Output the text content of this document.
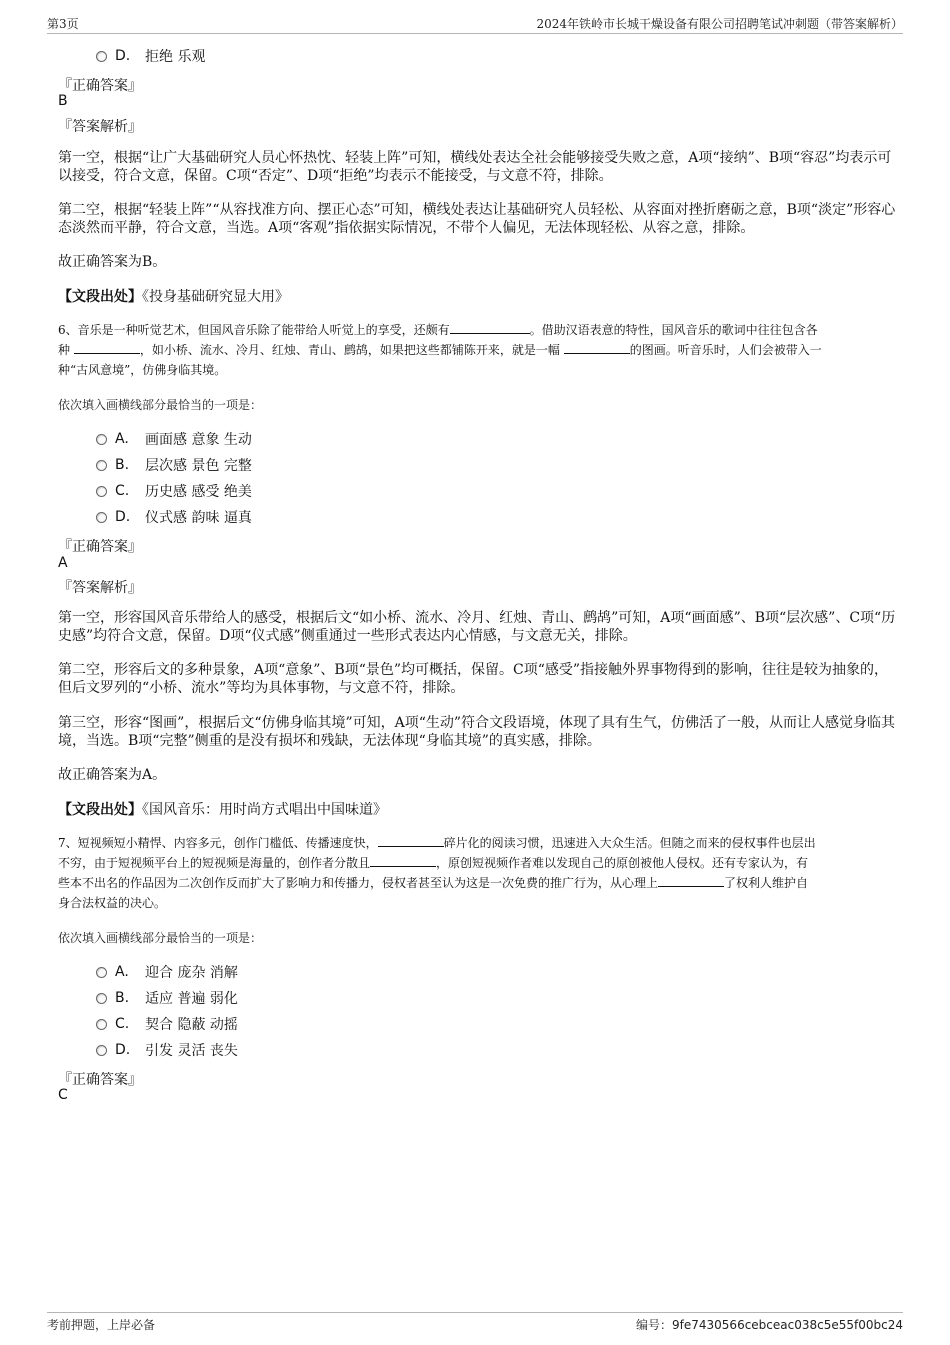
第3页	2024年铁岭市长城干燥设备有限公司招聘笔试冲刺题（带答案解析）
D.	拒绝 乐观
『正确答案』
B
『答案解析』
第一空，根据“让广大基础研究人员心怀热忱、轻装上阵”可知，横线处表达全社会能够接受失败之意，A项“接纳”、B项“容忍”均表示可以接受，符合文意，保留。C项“否定”、D项“拒绝”均表示不能接受，与文意不符，排除。
第二空，根据“轻装上阵”“从容找准方向、摆正心态”可知，横线处表达让基础研究人员轻松、从容面对挫折磨砺之意，B项“淡定”形容心态淡然而平静，符合文意，当选。A项“客观”指依据实际情况，不带个人偏见，无法体现轻松、从容之意，排除。
故正确答案为B。
【文段出处】《投身基础研究显大用》
6、音乐是一种听觉艺术，但国风音乐除了能带给人听觉上的享受，还颇有	。借助汉语表意的特性，国风音乐的歌词中往往包含各
种	，如小桥、流水、冷月、红烛、青山、鹧鸪，如果把这些都铺陈开来，就是一幅	的图画。听音乐时，人们会被带入一
种“古风意境”，仿佛身临其境。
依次填入画横线部分最恰当的一项是：
A.	画面感 意象 生动
B.	层次感 景色 完整
C.	历史感 感受 绝美
D.	仪式感 韵味 逼真
『正确答案』
A
『答案解析』
第一空，形容国风音乐带给人的感受，根据后文“如小桥、流水、冷月、红烛、青山、鹧鸪”可知，A项“画面感”、B项“层次感”、C项“历史感”均符合文意，保留。D项“仪式感”侧重通过一些形式表达内心情感，与文意无关，排除。
第二空，形容后文的多种景象，A项“意象”、B项“景色”均可概括，保留。C项“感受”指接触外界事物得到的影响，往往是较为抽象的，但后文罗列的“小桥、流水”等均为具体事物，与文意不符，排除。
第三空，形容“图画”，根据后文“仿佛身临其境”可知，A项“生动”符合文段语境，体现了具有生气，仿佛活了一般，从而让人感觉身临其境，当选。B项“完整”侧重的是没有损坏和残缺，无法体现“身临其境”的真实感，排除。
故正确答案为A。
【文段出处】《国风音乐：用时尚方式唱出中国味道》
7、短视频短小精悍、内容多元，创作门槛低、传播速度快，	碎片化的阅读习惯，迅速进入大众生活。但随之而来的侵权事件也层出
不穷，由于短视频平台上的短视频是海量的，创作者分散且	，原创短视频作者难以发现自己的原创被他人侵权。还有专家认为，有
些本不出名的作品因为二次创作反而扩大了影响力和传播力，侵权者甚至认为这是一次免费的推广行为，从心理上	了权利人维护自
身合法权益的决心。
依次填入画横线部分最恰当的一项是：
A.	迎合 庞杂 消解
B.	适应 普遍 弱化
C.	契合 隐蔽 动摇
D.	引发 灵活 丧失
『正确答案』
C
考前押题，上岸必备	编号：9fe7430566cebceac038c5e55f00bc24
